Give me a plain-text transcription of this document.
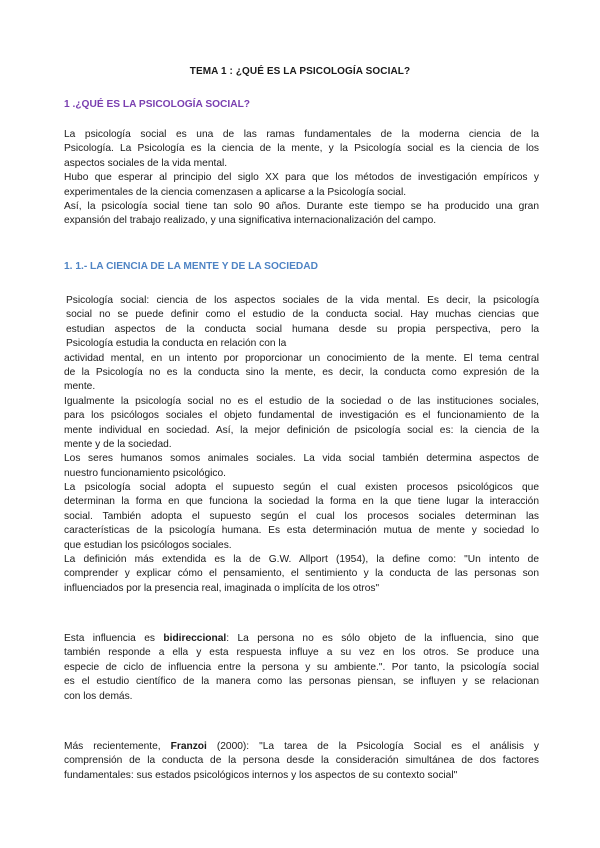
TEMA 1 : ¿QUÉ ES LA PSICOLOGÍA SOCIAL?
1 .¿QUÉ ES LA PSICOLOGÍA SOCIAL?
La psicología social es una de las ramas fundamentales de la moderna ciencia de la
Psicología. La Psicología es la ciencia de la mente, y la Psicología social es la ciencia de los
aspectos sociales de la vida mental.
Hubo que esperar al principio del siglo XX para que los métodos de investigación empíricos y
experimentales de la ciencia comenzasen a aplicarse a la Psicología social.
Así, la psicología social tiene tan solo 90 años. Durante este tiempo se ha producido una gran
expansión del trabajo realizado, y una significativa internacionalización del campo.
1. 1.- LA CIENCIA DE LA MENTE Y DE LA SOCIEDAD
Psicología social: ciencia de los aspectos sociales de la vida mental. Es decir, la psicología
social no se puede definir como el estudio de la conducta social. Hay muchas ciencias que
estudian aspectos de la conducta social humana desde su propia perspectiva, pero la
Psicología estudia la conducta en relación con la
actividad mental, en un intento por proporcionar un conocimiento de la mente. El tema central
de la Psicología no es la conducta sino la mente, es decir, la conducta como expresión de la
mente.
Igualmente la psicología social no es el estudio de la sociedad o de las instituciones sociales,
para los psicólogos sociales el objeto fundamental de investigación es el funcionamiento de la
mente individual en sociedad. Así, la mejor definición de psicología social es: la ciencia de la
mente y de la sociedad.
Los seres humanos somos animales sociales. La vida social también determina aspectos de
nuestro funcionamiento psicológico.
La psicología social adopta el supuesto según el cual existen procesos psicológicos que
determinan la forma en que funciona la sociedad la forma en la que tiene lugar la interacción
social. También adopta el supuesto según el cual los procesos sociales determinan las
características de la psicología humana. Es esta determinación mutua de mente y sociedad lo
que estudian los psicólogos sociales.
La definición más extendida es la de G.W. Allport (1954), la define como: "Un intento de
comprender y explicar cómo el pensamiento, el sentimiento y la conducta de las personas son
influenciados por la presencia real, imaginada o implícita de los otros"
Esta influencia es bidireccional: La persona no es sólo objeto de la influencia, sino que
también responde a ella y esta respuesta influye a su vez en los otros. Se produce una
especie de ciclo de influencia entre la persona y su ambiente.". Por tanto, la psicología social
es el estudio científico de la manera como las personas piensan, se influyen y se relacionan
con los demás.
Más recientemente, Franzoi (2000): "La tarea de la Psicología Social es el análisis y
comprensión de la conducta de la persona desde la consideración simultánea de dos factores
fundamentales: sus estados psicológicos internos y los aspectos de su contexto social"
